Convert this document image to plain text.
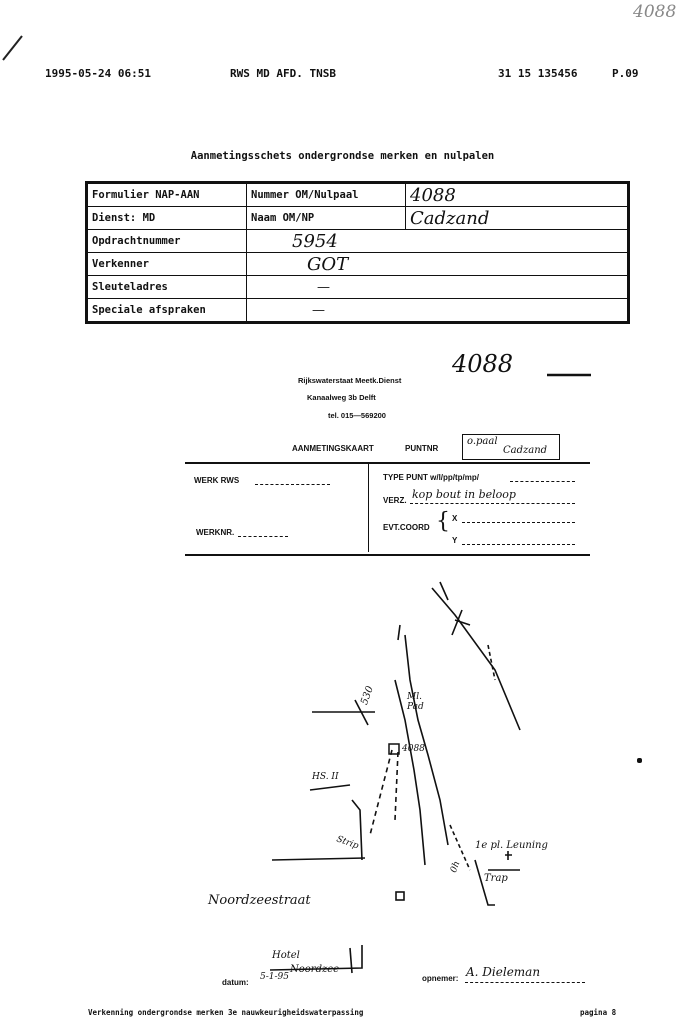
4088
1995-05-24 06:51	RWS MD AFD. TNSB	31 15 135456	P.09
Aanmetingsschets ondergrondse merken en nulpalen
Formulier NAP-AAN	Nummer OM/Nulpaal	4088
Dienst: MD	Naam OM/NP	Cadzand
Opdrachtnummer	5954	
Verkenner	GOT	
Sleuteladres	—	
Speciale afspraken	—	
4088
Rijkswaterstaat Meetk.Dienst
Kanaalweg 3b Delft
tel. 015—569200
AANMETINGSKAART	PUNTNR
o.paal
Cadzand
WERK RWS
WERKNR.
TYPE PUNT w/l/pp/tp/mp/
VERZ. kop bout in beloop
EVT.COORD { X
Y
530	Ml. Pad
4088
HS. II
Strip	1e pl. Leuning
Trap
0h
Noordzeestraat
Hotel
Noordzee
datum:
5-1-95	opnemer: A. Dieleman
Verkenning ondergrondse merken 3e nauwkeurigheidswaterpassing	pagina 8
